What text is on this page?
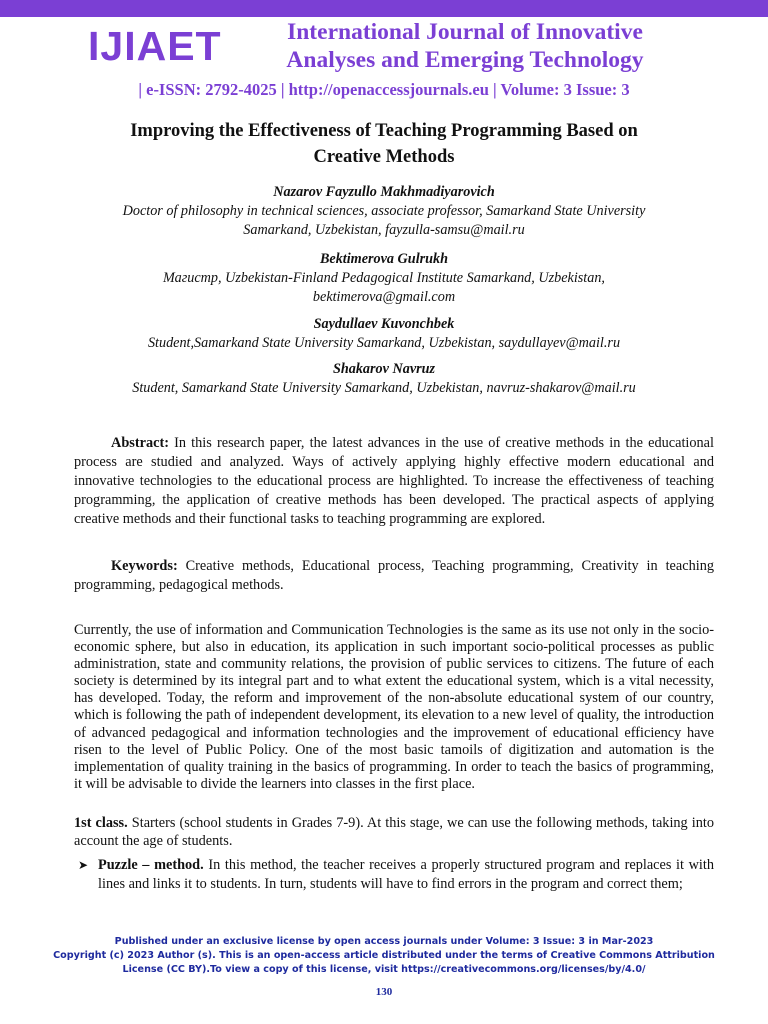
IJIAET	International Journal of Innovative
Analyses and Emerging Technology
| e-ISSN: 2792-4025 | http://openaccessjournals.eu | Volume: 3 Issue: 3
Improving the Effectiveness of Teaching Programming Based on
Creative Methods
Nazarov Fayzullo Makhmadiyarovich
Doctor of philosophy in technical sciences, associate professor, Samarkand State University
Samarkand, Uzbekistan, fayzulla-samsu@mail.ru
Bektimerova Gulrukh
Магистр, Uzbekistan-Finland Pedagogical Institute Samarkand, Uzbekistan,
bektimerova@gmail.com
Saydullaev Kuvonchbek
Student,Samarkand State University Samarkand, Uzbekistan, saydullayev@mail.ru
Shakarov Navruz
Student, Samarkand State University Samarkand, Uzbekistan, navruz-shakarov@mail.ru
Abstract: In this research paper, the latest advances in the use of creative methods in the educational process are studied and analyzed. Ways of actively applying highly effective modern educational and innovative technologies to the educational process are highlighted. To increase the effectiveness of teaching programming, the application of creative methods has been developed. The practical aspects of applying creative methods and their functional tasks to teaching programming are explored.
Keywords: Creative methods, Educational process, Teaching programming, Creativity in teaching programming, pedagogical methods.
Currently, the use of information and Communication Technologies is the same as its use not only in the socio-economic sphere, but also in education, its application in such important socio-political processes as public administration, state and community relations, the provision of public services to citizens. The future of each society is determined by its integral part and to what extent the educational system, which is a vital necessity, has developed. Today, the reform and improvement of the non-absolute educational system of our country, which is following the path of independent development, its elevation to a new level of quality, the introduction of advanced pedagogical and information technologies and the improvement of educational efficiency have risen to the level of Public Policy. One of the most basic tamoils of digitization and automation is the implementation of quality training in the basics of programming. In order to teach the basics of programming, it will be advisable to divide the learners into classes in the first place.
1st class. Starters (school students in Grades 7-9). At this stage, we can use the following methods, taking into account the age of students.
➤ Puzzle – method. In this method, the teacher receives a properly structured program and replaces it with lines and links it to students. In turn, students will have to find errors in the program and correct them;
Published under an exclusive license by open access journals under Volume: 3 Issue: 3 in Mar-2023
Copyright (c) 2023 Author (s). This is an open-access article distributed under the terms of Creative Commons Attribution
License (CC BY).To view a copy of this license, visit https://creativecommons.org/licenses/by/4.0/
130
